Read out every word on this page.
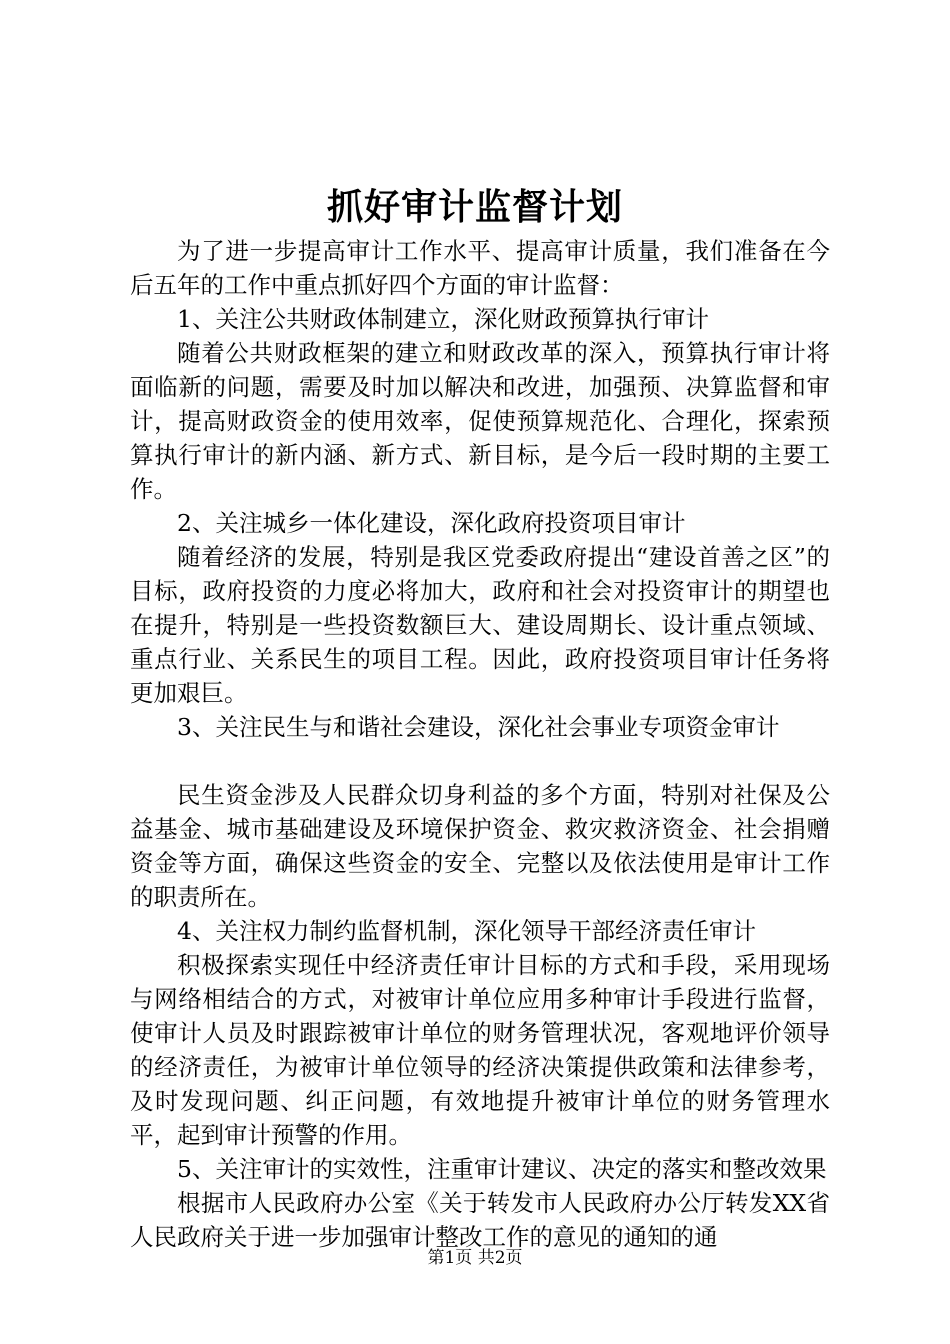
抓好审计监督计划

为了进一步提高审计工作水平、提高审计质量，我们准备在今后五年的工作中重点抓好四个方面的审计监督：

1、关注公共财政体制建立，深化财政预算执行审计

随着公共财政框架的建立和财政改革的深入，预算执行审计将面临新的问题，需要及时加以解决和改进，加强预、决算监督和审计，提高财政资金的使用效率，促使预算规范化、合理化，探索预算执行审计的新内涵、新方式、新目标，是今后一段时期的主要工作。

2、关注城乡一体化建设，深化政府投资项目审计

随着经济的发展，特别是我区党委政府提出“建设首善之区”的目标，政府投资的力度必将加大，政府和社会对投资审计的期望也在提升，特别是一些投资数额巨大、建设周期长、设计重点领域、重点行业、关系民生的项目工程。因此，政府投资项目审计任务将更加艰巨。

3、关注民生与和谐社会建设，深化社会事业专项资金审计

民生资金涉及人民群众切身利益的多个方面，特别对社保及公益基金、城市基础建设及环境保护资金、救灾救济资金、社会捐赠资金等方面，确保这些资金的安全、完整以及依法使用是审计工作的职责所在。

4、关注权力制约监督机制，深化领导干部经济责任审计

积极探索实现任中经济责任审计目标的方式和手段，采用现场与网络相结合的方式，对被审计单位应用多种审计手段进行监督，使审计人员及时跟踪被审计单位的财务管理状况，客观地评价领导的经济责任，为被审计单位领导的经济决策提供政策和法律参考，及时发现问题、纠正问题，有效地提升被审计单位的财务管理水平，起到审计预警的作用。

5、关注审计的实效性，注重审计建议、决定的落实和整改效果

根据市人民政府办公室《关于转发市人民政府办公厅转发XX省人民政府关于进一步加强审计整改工作的意见的通知的通

第1页 共2页
